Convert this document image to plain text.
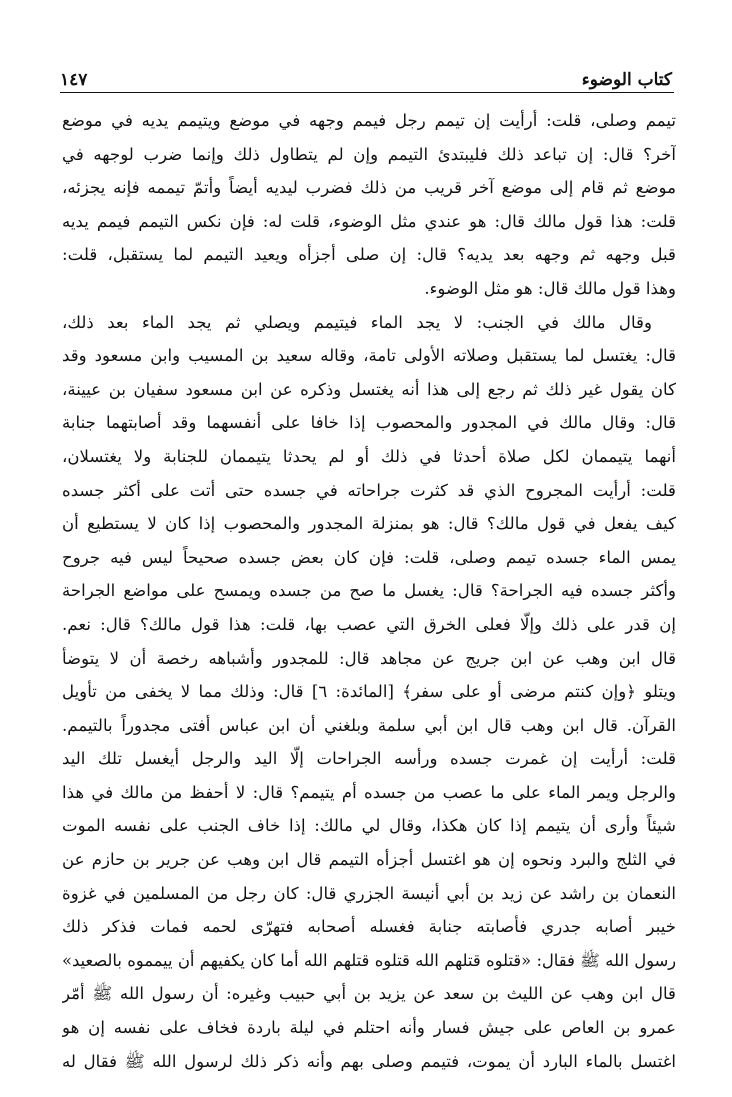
كتاب الوضوء
١٤٧
تيمم وصلى، قلت: أرأيت إن تيمم رجل فيمم وجهه في موضع ويتيمم يديه في موضع
آخر؟ قال: إن تباعد ذلك فليبتدئ التيمم وإن لم يتطاول ذلك وإنما ضرب لوجهه في
موضع ثم قام إلى موضع آخر قريب من ذلك فضرب ليديه أيضاً وأتمّ تيممه فإنه يجزئه،
قلت: هذا قول مالك قال: هو عندي مثل الوضوء، قلت له: فإن نكس التيمم فيمم يديه
قبل وجهه ثم وجهه بعد يديه؟ قال: إن صلى أجزأه ويعيد التيمم لما يستقبل، قلت:
وهذا قول مالك قال: هو مثل الوضوء.
وقال مالك في الجنب: لا يجد الماء فيتيمم ويصلي ثم يجد الماء بعد ذلك،
قال: يغتسل لما يستقبل وصلاته الأولى تامة، وقاله سعيد بن المسيب وابن مسعود وقد
كان يقول غير ذلك ثم رجع إلى هذا أنه يغتسل وذكره عن ابن مسعود سفيان بن عيينة،
قال: وقال مالك في المجدور والمحصوب إذا خافا على أنفسهما وقد أصابتهما جنابة
أنهما يتيممان لكل صلاة أحدثا في ذلك أو لم يحدثا يتيممان للجنابة ولا يغتسلان،
قلت: أرأيت المجروح الذي قد كثرت جراحاته في جسده حتى أتت على أكثر جسده
كيف يفعل في قول مالك؟ قال: هو بمنزلة المجدور والمحصوب إذا كان لا يستطيع أن
يمس الماء جسده تيمم وصلى، قلت: فإن كان بعض جسده صحيحاً ليس فيه جروح
وأكثر جسده فيه الجراحة؟ قال: يغسل ما صح من جسده ويمسح على مواضع الجراحة
إن قدر على ذلك وإلّا فعلى الخرق التي عصب بها، قلت: هذا قول مالك؟ قال: نعم.
قال ابن وهب عن ابن جريج عن مجاهد قال: للمجدور وأشباهه رخصة أن لا يتوضأ
ويتلو ﴿وإن كنتم مرضى أو على سفر﴾ [المائدة: ٦] قال: وذلك مما لا يخفى من تأويل
القرآن. قال ابن وهب قال ابن أبي سلمة وبلغني أن ابن عباس أفتى مجدوراً بالتيمم.
قلت: أرأيت إن غمرت جسده ورأسه الجراحات إلّا اليد والرجل أيغسل تلك اليد
والرجل ويمر الماء على ما عصب من جسده أم يتيمم؟ قال: لا أحفظ من مالك في هذا
شيئاً وأرى أن يتيمم إذا كان هكذا، وقال لي مالك: إذا خاف الجنب على نفسه الموت
في الثلج والبرد ونحوه إن هو اغتسل أجزأه التيمم قال ابن وهب عن جرير بن حازم عن
النعمان بن راشد عن زيد بن أبي أنيسة الجزري قال: كان رجل من المسلمين في غزوة
خيبر أصابه جدري فأصابته جنابة فغسله أصحابه فتهرّى لحمه فمات فذكر ذلك
رسول الله ﷺ فقال: «قتلوه قتلهم الله قتلوه قتلهم الله أما كان يكفيهم أن ييمموه بالصعيد»
قال ابن وهب عن الليث بن سعد عن يزيد بن أبي حبيب وغيره: أن رسول الله ﷺ أمّر
عمرو بن العاص على جيش فسار وأنه احتلم في ليلة باردة فخاف على نفسه إن هو
اغتسل بالماء البارد أن يموت، فتيمم وصلى بهم وأنه ذكر ذلك لرسول الله ﷺ فقال له
